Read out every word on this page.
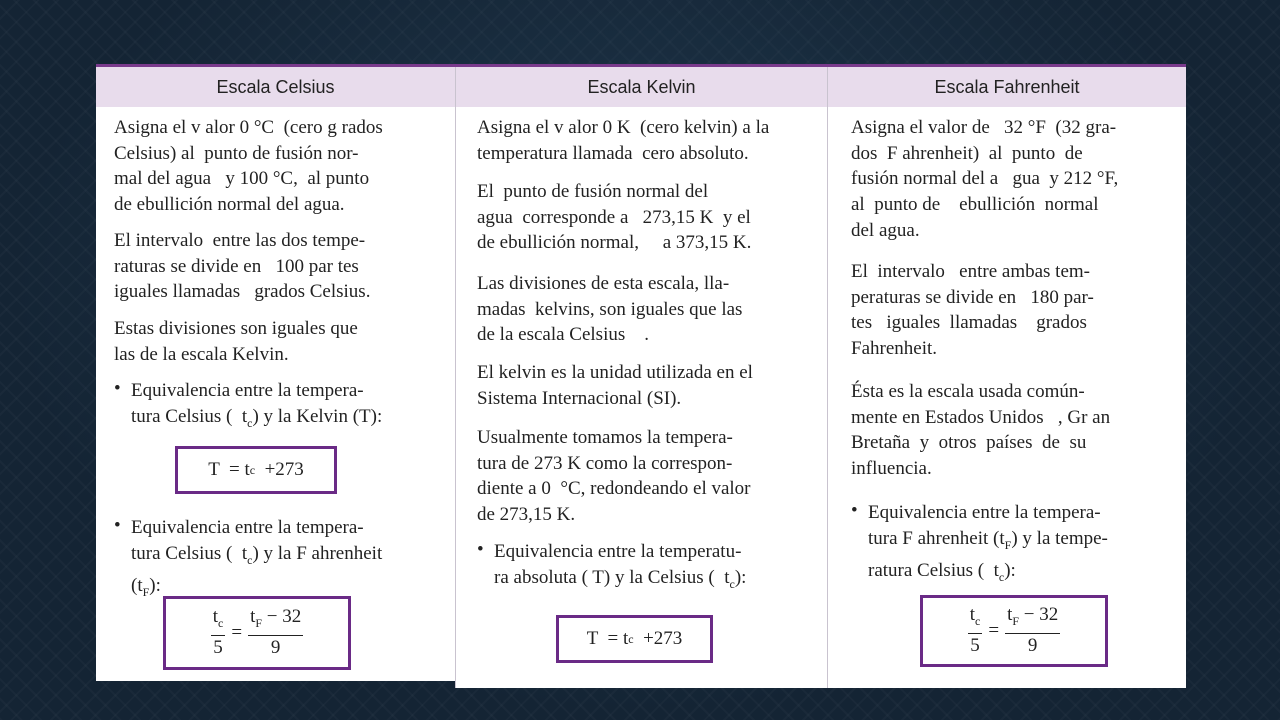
Escala Celsius
Asigna el v alor 0 °C  (cero g rados
Celsius) al  punto de fusión nor-
mal del agua   y 100 °C,  al punto
de ebullición normal del agua.
El intervalo  entre las dos tempe-
raturas se divide en   100 par tes
iguales llamadas   grados Celsius.
Estas divisiones son iguales que
las de la escala Kelvin.
• Equivalencia entre la tempera-
tura Celsius (  $t_c$) y la Kelvin (T):
T  = t c +273
• Equivalencia entre la tempera-
tura Celsius (  $t_c$) y la F ahrenheit
$(t_F)$:
$\frac{t_c}{5} = \frac{t_F - 32}{9}$
Escala Kelvin
Asigna el v alor 0 K  (cero kelvin) a la
temperatura llamada  cero absoluto.
El  punto de fusión normal del
agua  corresponde a   273,15 K  y el
de ebullición normal,     a 373,15 K.
Las divisiones de esta escala, lla-
madas  kelvins, son iguales que las
de la escala Celsius    .
El kelvin es la unidad utilizada en el
Sistema Internacional (SI).
Usualmente tomamos la tempera-
tura de 273 K como la correspon-
diente a 0  °C, redondeando el valor
de 273,15 K.
• Equivalencia entre la temperatu-
ra absoluta ( T) y la Celsius (  $t_c$):
T  = t c +273
Escala Fahrenheit
Asigna el valor de   32 °F  (32 gra-
dos  F ahrenheit)  al  punto  de
fusión normal del a   gua  y 212 °F,
al  punto de    ebullición  normal
del agua.
El  intervalo   entre ambas tem-
peraturas se divide en   180 par-
tes   iguales  llamadas    grados
Fahrenheit.
Ésta es la escala usada común-
mente en Estados Unidos   , Gr an
Bretaña  y  otros  países  de  su
influencia.
• Equivalencia entre la tempera-
tura F ahrenheit $(t_F)$ y la tempe-
ratura Celsius (  $t_c$):
$\frac{t_c}{5} = \frac{t_F - 32}{9}$
